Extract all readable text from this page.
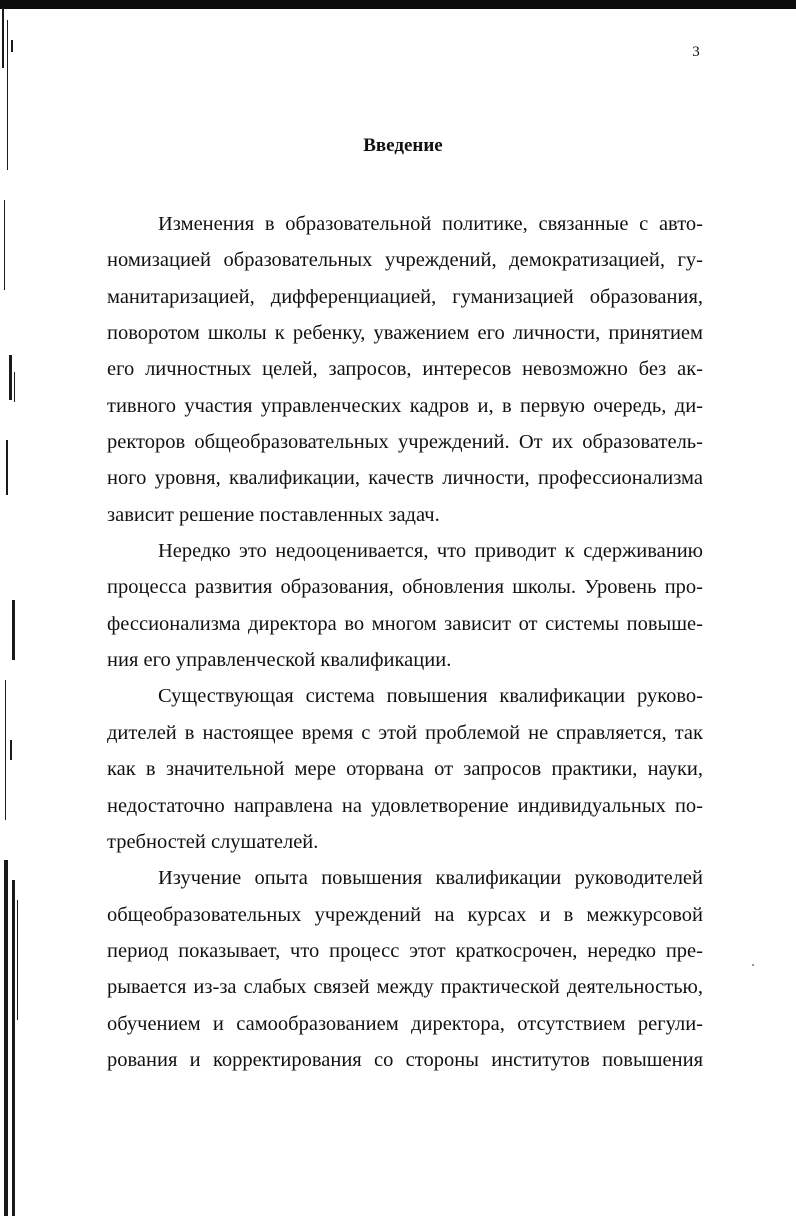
3
Введение
Изменения в образовательной политике, связанные с авто-
номизацией образовательных учреждений, демократизацией, гу-
манитаризацией, дифференциацией, гуманизацией образования,
поворотом школы к ребенку, уважением его личности, принятием
его личностных целей, запросов, интересов невозможно без ак-
тивного участия управленческих кадров и, в первую очередь, ди-
ректоров общеобразовательных учреждений. От их образователь-
ного уровня, квалификации, качеств личности, профессионализма
зависит решение поставленных задач.
Нередко это недооценивается, что приводит к сдерживанию
процесса развития образования, обновления школы. Уровень про-
фессионализма директора во многом зависит от системы повыше-
ния его управленческой квалификации.
Существующая система повышения квалификации руково-
дителей в настоящее время с этой проблемой не справляется, так
как в значительной мере оторвана от запросов практики, науки,
недостаточно направлена на удовлетворение индивидуальных по-
требностей слушателей.
Изучение опыта повышения квалификации руководителей
общеобразовательных учреждений на курсах и в межкурсовой
период показывает, что процесс этот краткосрочен, нередко пре-
рывается из-за слабых связей между практической деятельностью,
обучением и самообразованием директора, отсутствием регули-
рования и корректирования со стороны институтов повышения
